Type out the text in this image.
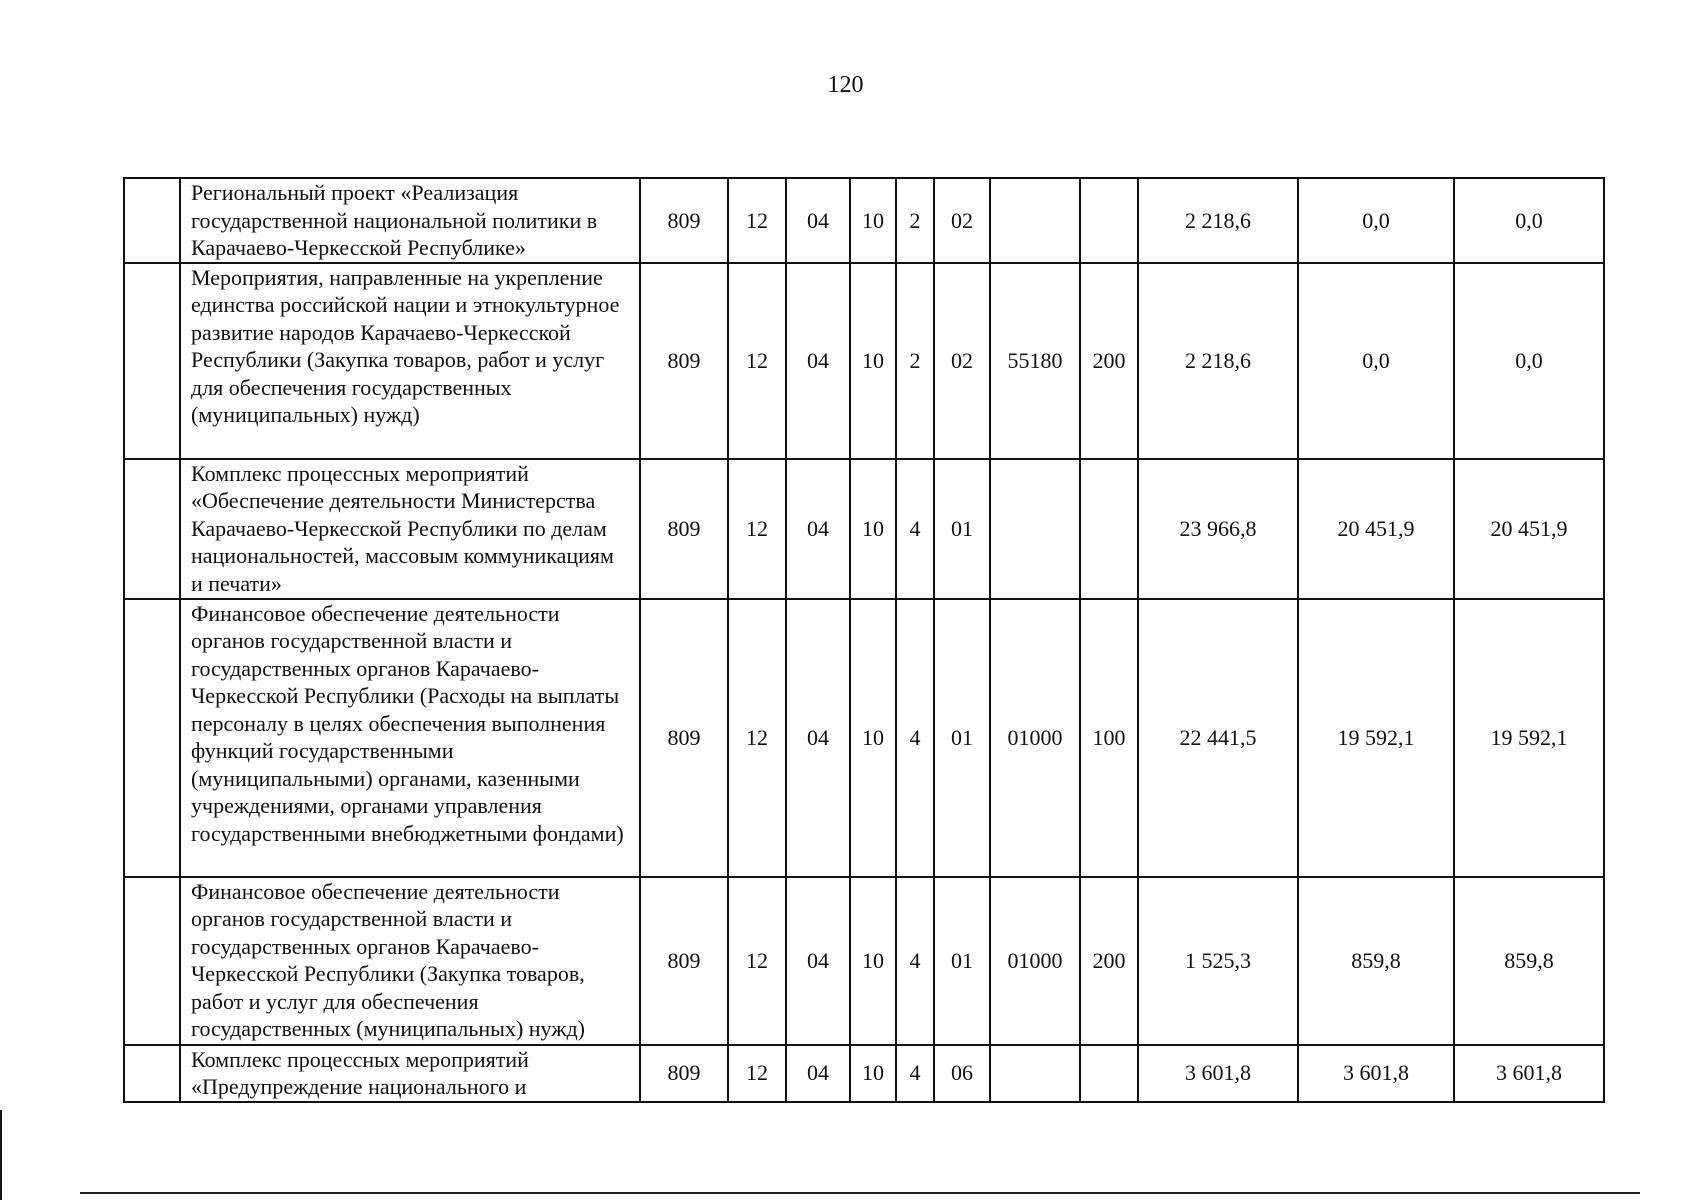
120
	Региональный проект «Реализация государственной национальной политики в Карачаево-Черкесской Республике»	809	12	04	10	2	02			2 218,6	0,0	0,0
	Мероприятия, направленные на укрепление единства российской нации и этнокультурное развитие народов Карачаево-Черкесской Республики (Закупка товаров, работ и услуг для обеспечения государственных (муниципальных) нужд)	809	12	04	10	2	02	55180	200	2 218,6	0,0	0,0
	Комплекс процессных мероприятий «Обеспечение деятельности Министерства Карачаево-Черкесской Республики по делам национальностей, массовым коммуникациям и печати»	809	12	04	10	4	01			23 966,8	20 451,9	20 451,9
	Финансовое обеспечение деятельности органов государственной власти и государственных органов Карачаево-Черкесской Республики (Расходы на выплаты персоналу в целях обеспечения выполнения функций государственными (муниципальными) органами, казенными учреждениями, органами управления государственными внебюджетными фондами)	809	12	04	10	4	01	01000	100	22 441,5	19 592,1	19 592,1
	Финансовое обеспечение деятельности органов государственной власти и государственных органов Карачаево-Черкесской Республики (Закупка товаров, работ и услуг для обеспечения государственных (муниципальных) нужд)	809	12	04	10	4	01	01000	200	1 525,3	859,8	859,8
	Комплекс процессных мероприятий «Предупреждение национального и	809	12	04	10	4	06			3 601,8	3 601,8	3 601,8
